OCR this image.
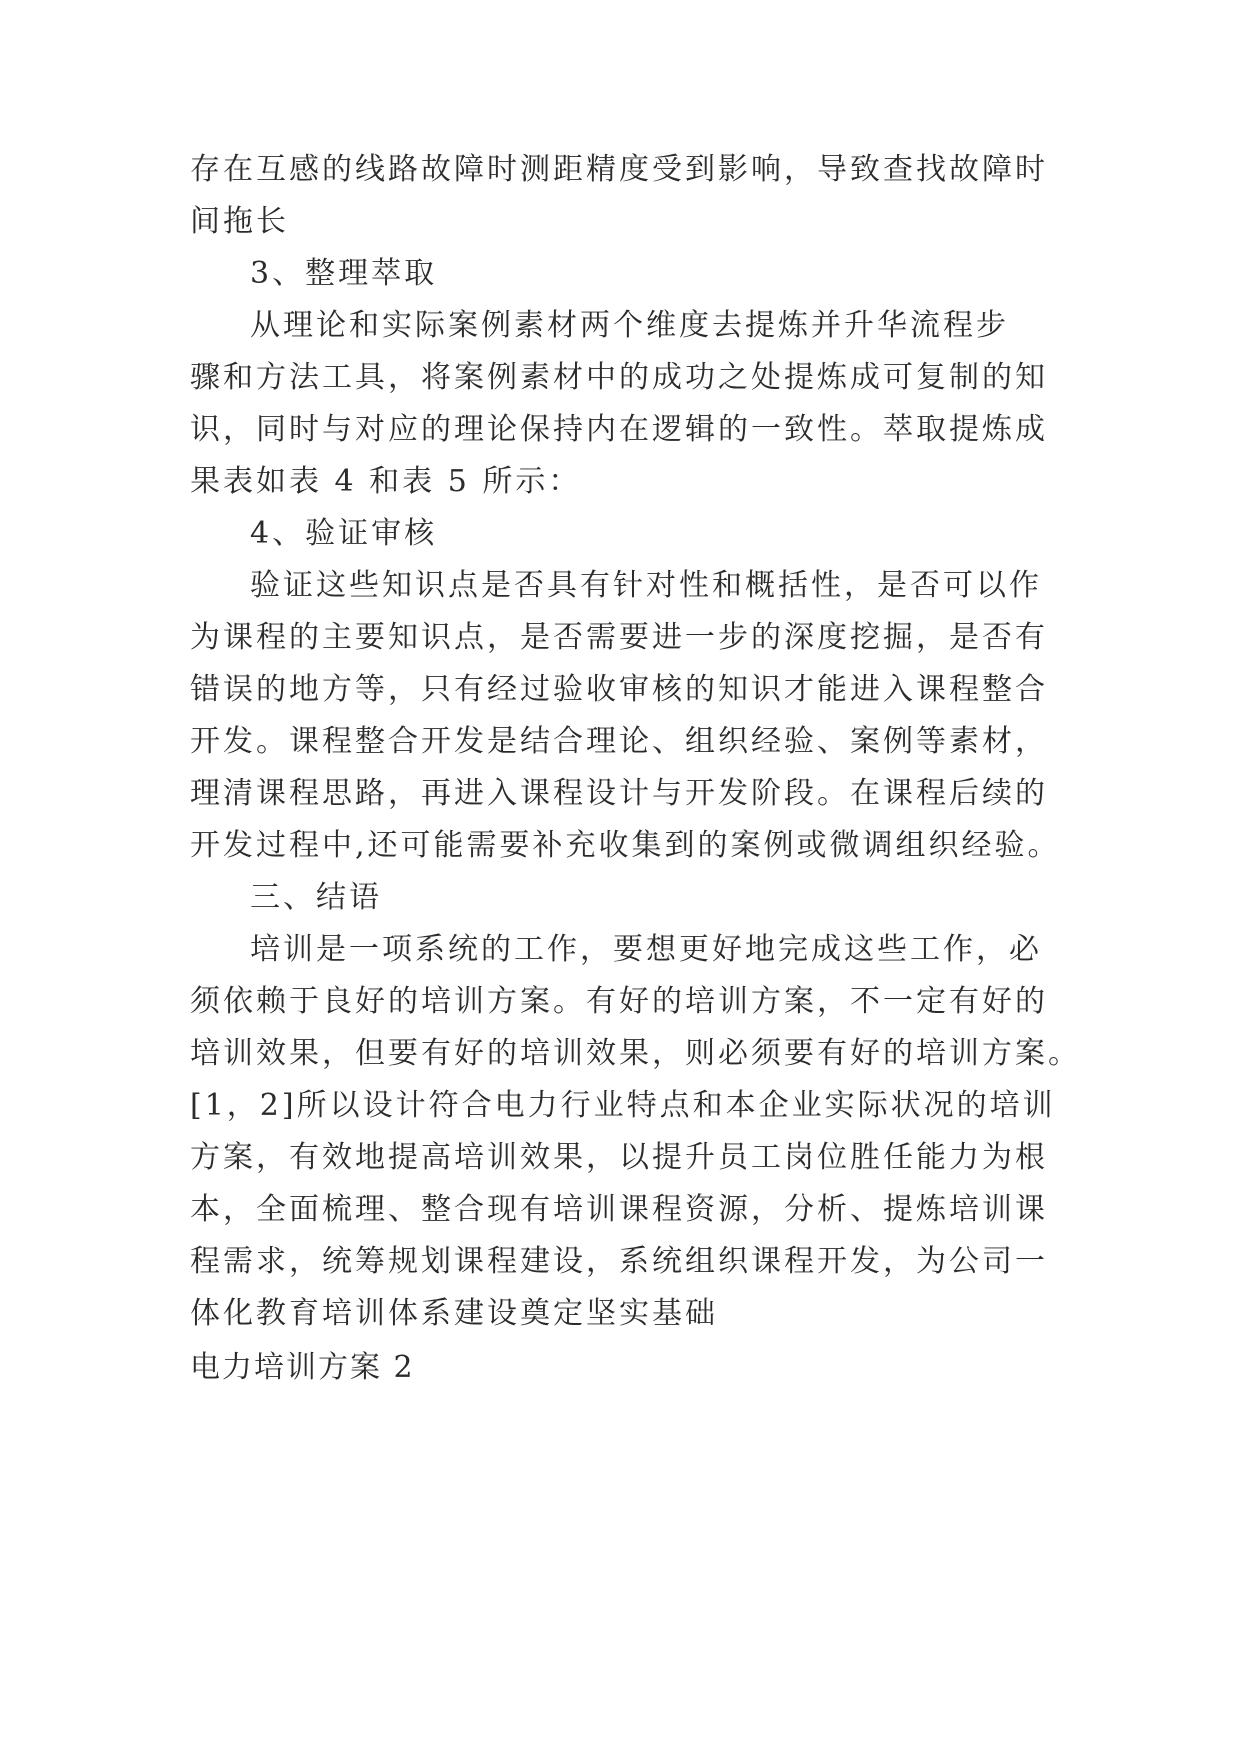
存在互感的线路故障时测距精度受到影响，导致查找故障时
间拖长
3、整理萃取
从理论和实际案例素材两个维度去提炼并升华流程步
骤和方法工具，将案例素材中的成功之处提炼成可复制的知
识，同时与对应的理论保持内在逻辑的一致性。萃取提炼成
果表如表 4 和表 5 所示：
4、验证审核
验证这些知识点是否具有针对性和概括性，是否可以作
为课程的主要知识点，是否需要进一步的深度挖掘，是否有
错误的地方等，只有经过验收审核的知识才能进入课程整合
开发。课程整合开发是结合理论、组织经验、案例等素材，
理清课程思路，再进入课程设计与开发阶段。在课程后续的
开发过程中,还可能需要补充收集到的案例或微调组织经验。
三、结语
培训是一项系统的工作，要想更好地完成这些工作，必
须依赖于良好的培训方案。有好的培训方案，不一定有好的
培训效果，但要有好的培训效果，则必须要有好的培训方案。
[1，2]所以设计符合电力行业特点和本企业实际状况的培训
方案，有效地提高培训效果，以提升员工岗位胜任能力为根
本，全面梳理、整合现有培训课程资源，分析、提炼培训课
程需求，统筹规划课程建设，系统组织课程开发，为公司一
体化教育培训体系建设奠定坚实基础
电力培训方案 2
